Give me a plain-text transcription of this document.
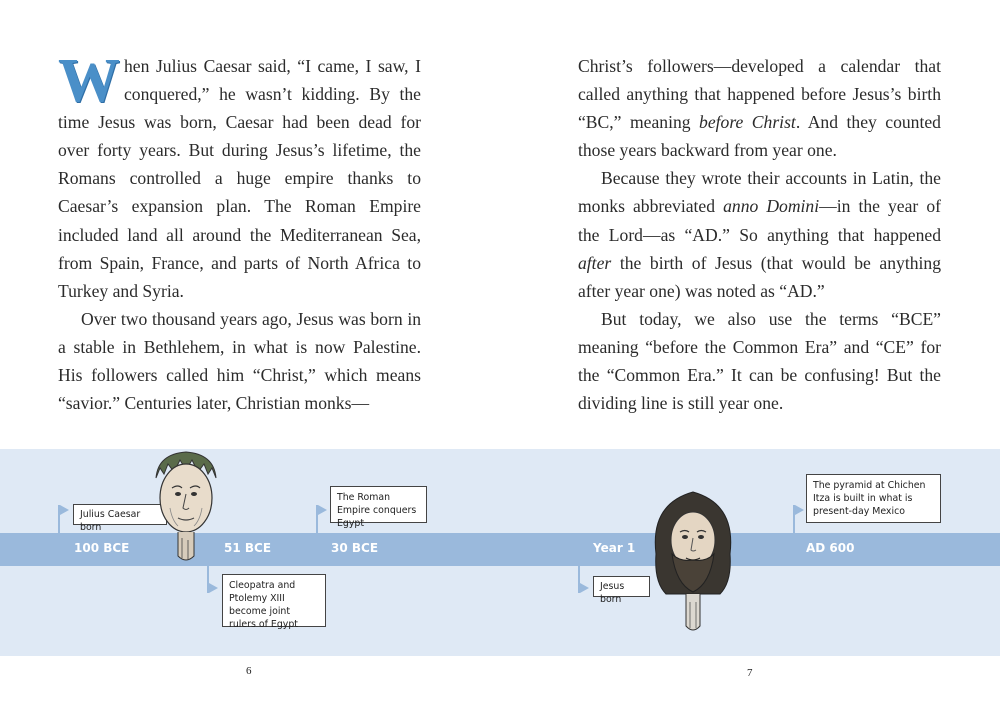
When Julius Caesar said, “I came, I saw, I conquered,” he wasn’t kidding. By the time Jesus was born, Caesar had been dead for over forty years. But during Jesus’s lifetime, the Romans controlled a huge empire thanks to Caesar’s expansion plan. The Roman Empire included land all around the Mediterranean Sea, from Spain, France, and parts of North Africa to Turkey and Syria.

Over two thousand years ago, Jesus was born in a stable in Bethlehem, in what is now Palestine. His followers called him “Christ,” which means “savior.” Centuries later, Christian monks—

Christ’s followers—developed a calendar that called anything that happened before Jesus’s birth “BC,” meaning before Christ. And they counted those years backward from year one.

Because they wrote their accounts in Latin, the monks abbreviated anno Domini—in the year of the Lord—as “AD.” So anything that happened after the birth of Jesus (that would be anything after year one) was noted as “AD.”

But today, we also use the terms “BCE” meaning “before the Common Era” and “CE” for the “Common Era.” It can be confusing! But the dividing line is still year one.

100 BCE	51 BCE	30 BCE	Year 1	AD 600
Julius Caesar born
Cleopatra and Ptolemy XIII become joint rulers of Egypt
The Roman Empire conquers Egypt
Jesus born
The pyramid at Chichen Itza is built in what is present-day Mexico
6	7
